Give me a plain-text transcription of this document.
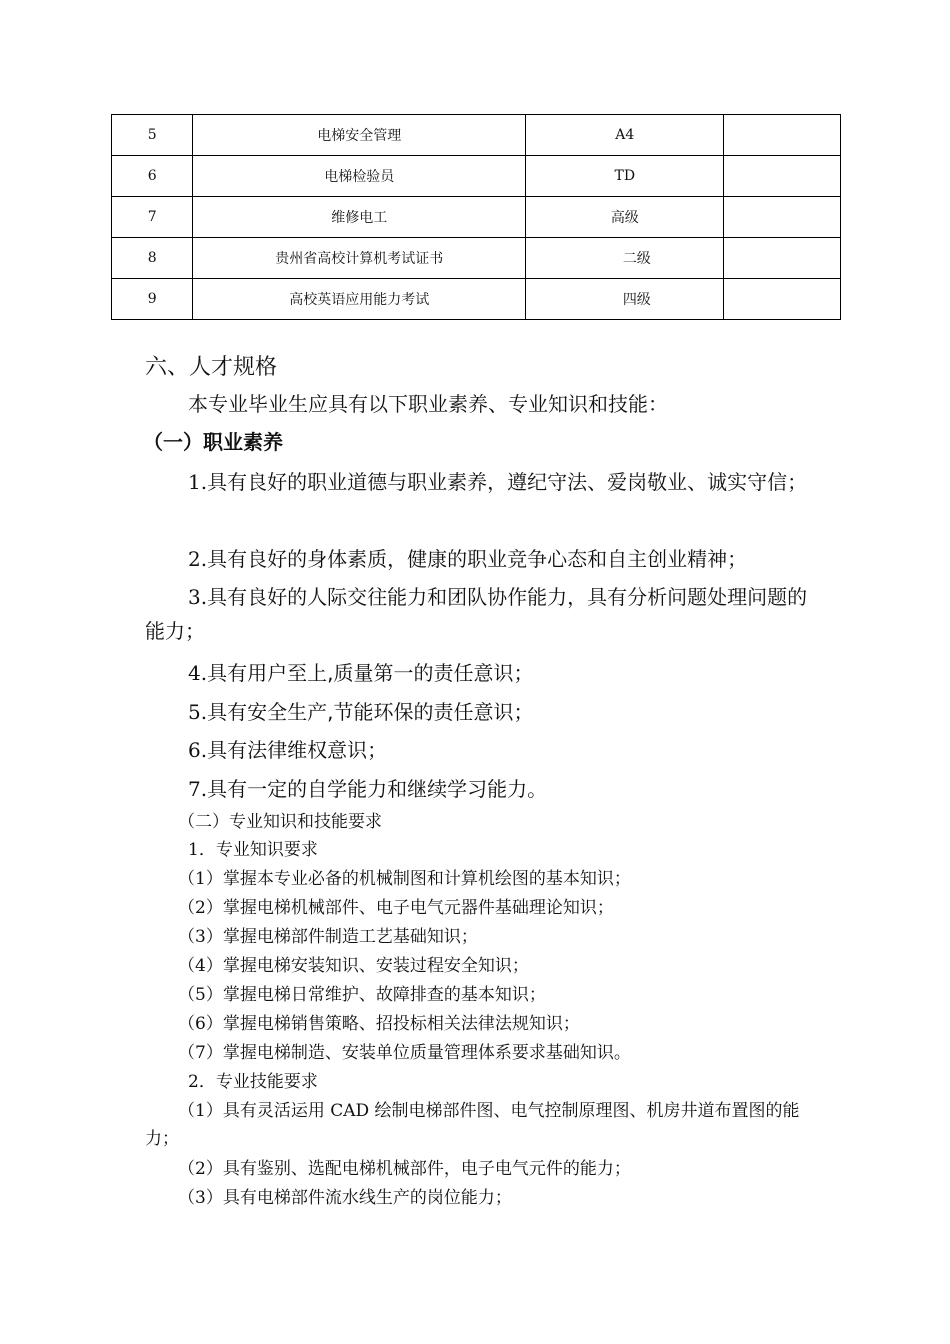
5	电梯安全管理	A4	
6	电梯检验员	TD	
7	维修电工	高级	
8	贵州省高校计算机考试证书	二级	
9	高校英语应用能力考试	四级	
六、人才规格
本专业毕业生应具有以下职业素养、专业知识和技能：
（一）职业素养
1.具有良好的职业道德与职业素养，遵纪守法、爱岗敬业、诚实守信；
2.具有良好的身体素质，健康的职业竞争心态和自主创业精神；
3.具有良好的人际交往能力和团队协作能力，具有分析问题处理问题的能力；
4.具有用户至上,质量第一的责任意识；
5.具有安全生产,节能环保的责任意识；
6.具有法律维权意识；
7.具有一定的自学能力和继续学习能力。
（二）专业知识和技能要求
1．专业知识要求
（1）掌握本专业必备的机械制图和计算机绘图的基本知识；
（2）掌握电梯机械部件、电子电气元器件基础理论知识；
（3）掌握电梯部件制造工艺基础知识；
（4）掌握电梯安装知识、安装过程安全知识；
（5）掌握电梯日常维护、故障排查的基本知识；
（6）掌握电梯销售策略、招投标相关法律法规知识；
（7）掌握电梯制造、安装单位质量管理体系要求基础知识。
2．专业技能要求
（1）具有灵活运用 CAD 绘制电梯部件图、电气控制原理图、机房井道布置图的能力；
（2）具有鉴别、选配电梯机械部件，电子电气元件的能力；
（3）具有电梯部件流水线生产的岗位能力；
